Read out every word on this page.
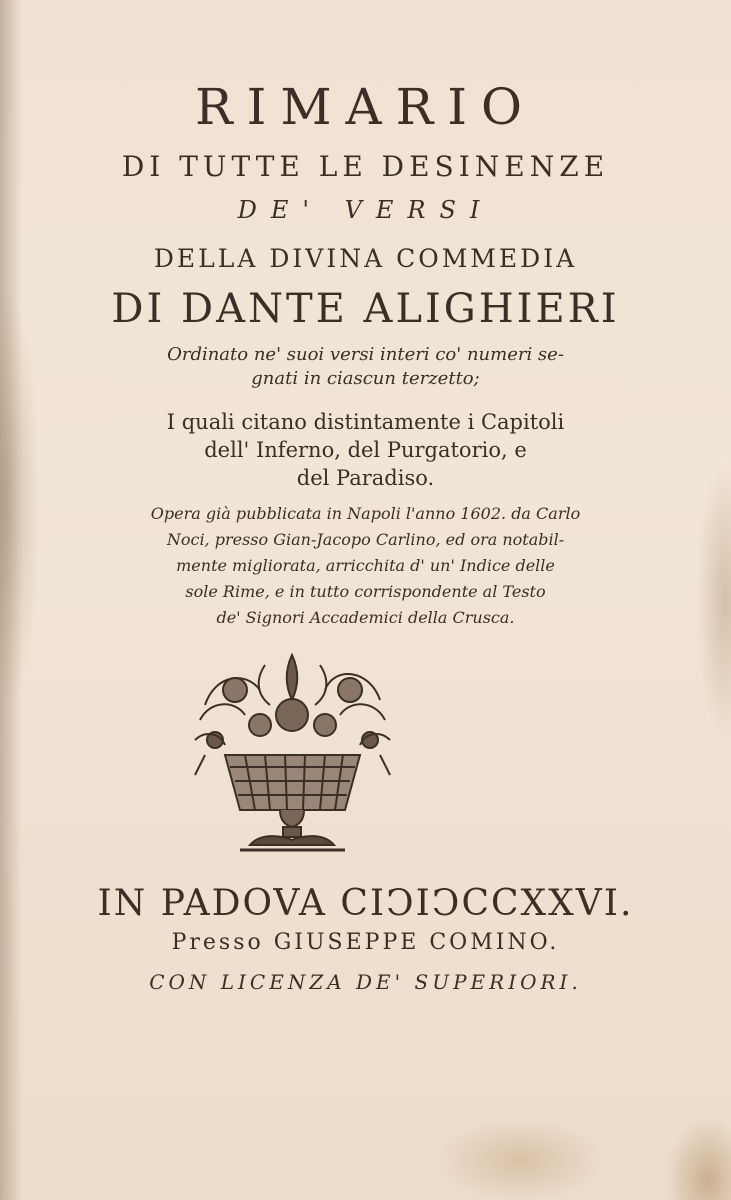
RIMARIO
DI TUTTE LE DESINENZE
DE' VERSI
DELLA DIVINA COMMEDIA
DI DANTE ALIGHIERI
Ordinato ne' suoi versi interi co' numeri se-
gnati in ciascun terzetto;
I quali citano distintamente i Capitoli
dell' Inferno, del Purgatorio, e
del Paradiso.
Opera già pubblicata in Napoli l'anno 1602. da Carlo
Noci, presso Gian-Jacopo Carlino, ed ora notabil-
mente migliorata, arricchita d' un' Indice delle
sole Rime, e in tutto corrispondente al Testo
de' Signori Accademici della Crusca.
IN PADOVA CIϽIϽCCXXVI.
Presso GIUSEPPE COMINO.
CON LICENZA DE' SUPERIORI.
